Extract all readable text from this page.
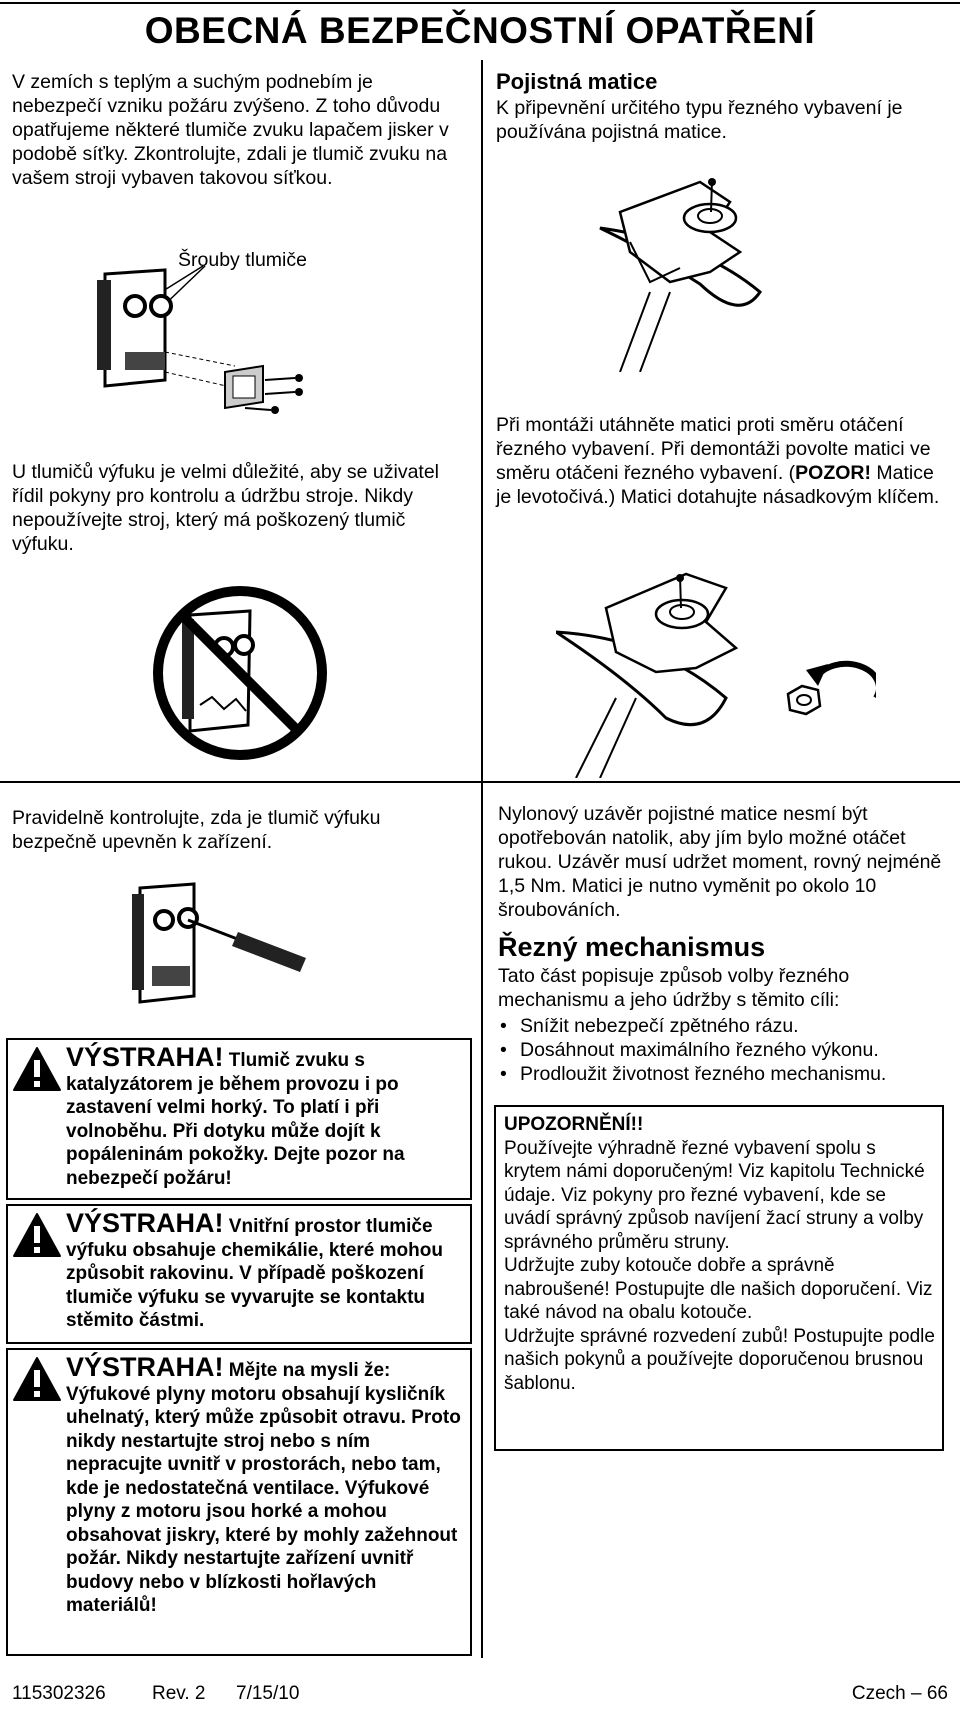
OBECNÁ BEZPEČNOSTNÍ OPATŘENÍ
V zemích s teplým a suchým podnebím je nebezpečí vzniku požáru zvýšeno. Z toho důvodu opatřujeme některé tlumiče zvuku lapačem jisker v podobě síťky. Zkontrolujte, zdali je tlumič zvuku na vašem stroji vybaven takovou síťkou.
Šrouby tlumiče
U tlumičů výfuku je velmi důležité, aby se uživatel řídil pokyny pro kontrolu a údržbu stroje. Nikdy nepoužívejte stroj, který má poškozený tlumič výfuku.
Pravidelně kontrolujte, zda je tlumič výfuku bezpečně upevněn k zařízení.
VÝSTRAHA! Tlumič zvuku s katalyzátorem je během provozu i po zastavení velmi horký. To platí i při volnoběhu. Při dotyku může dojít k popáleninám pokožky. Dejte pozor na nebezpečí požáru!
VÝSTRAHA! Vnitřní prostor tlumiče výfuku obsahuje chemikálie, které mohou způsobit rakovinu. V případě poškození tlumiče výfuku se vyvarujte se kontaktu stěmito částmi.
VÝSTRAHA! Mějte na mysli že: Výfukové plyny motoru obsahují kysličník uhelnatý, který může způsobit otravu. Proto nikdy nestartujte stroj nebo s ním nepracujte uvnitř v prostorách, nebo tam, kde je nedostatečná ventilace. Výfukové plyny z motoru jsou horké a mohou obsahovat jiskry, které by mohly zažehnout požár. Nikdy nestartujte zařízení uvnitř budovy nebo v blízkosti hořlavých materiálů!
Pojistná matice
K připevnění určitého typu řezného vybavení je používána pojistná matice.
Při montáži utáhněte matici proti směru otáčení řezného vybavení. Při demontáži povolte matici ve směru otáčeni řezného vybavení. (POZOR! Matice je levotočivá.) Matici dotahujte násadkovým klíčem.
Nylonový uzávěr pojistné matice nesmí být opotřebován natolik, aby jím bylo možné otáčet rukou. Uzávěr musí udržet moment, rovný nejméně 1,5 Nm. Matici je nutno vyměnit po okolo 10 šroubováních.
Řezný mechanismus
Tato část popisuje způsob volby řezného mechanismu a jeho údržby s těmito cíli:
• Snížit nebezpečí zpětného rázu.
• Dosáhnout maximálního řezného výkonu.
• Prodloužit životnost řezného mechanismu.
UPOZORNĚNÍ!!
Používejte výhradně řezné vybavení spolu s krytem námi doporučeným! Viz kapitolu Technické údaje. Viz pokyny pro řezné vybavení, kde se uvádí správný způsob navíjení žací struny a volby správného průměru struny.
Udržujte zuby kotouče dobře a správně nabroušené! Postupujte dle našich doporučení. Viz také návod na obalu kotouče.
Udržujte správné rozvedení zubů! Postupujte podle našich pokynů a používejte doporučenou brusnou šablonu.
115302326 Rev. 2 7/15/10	Czech – 66
